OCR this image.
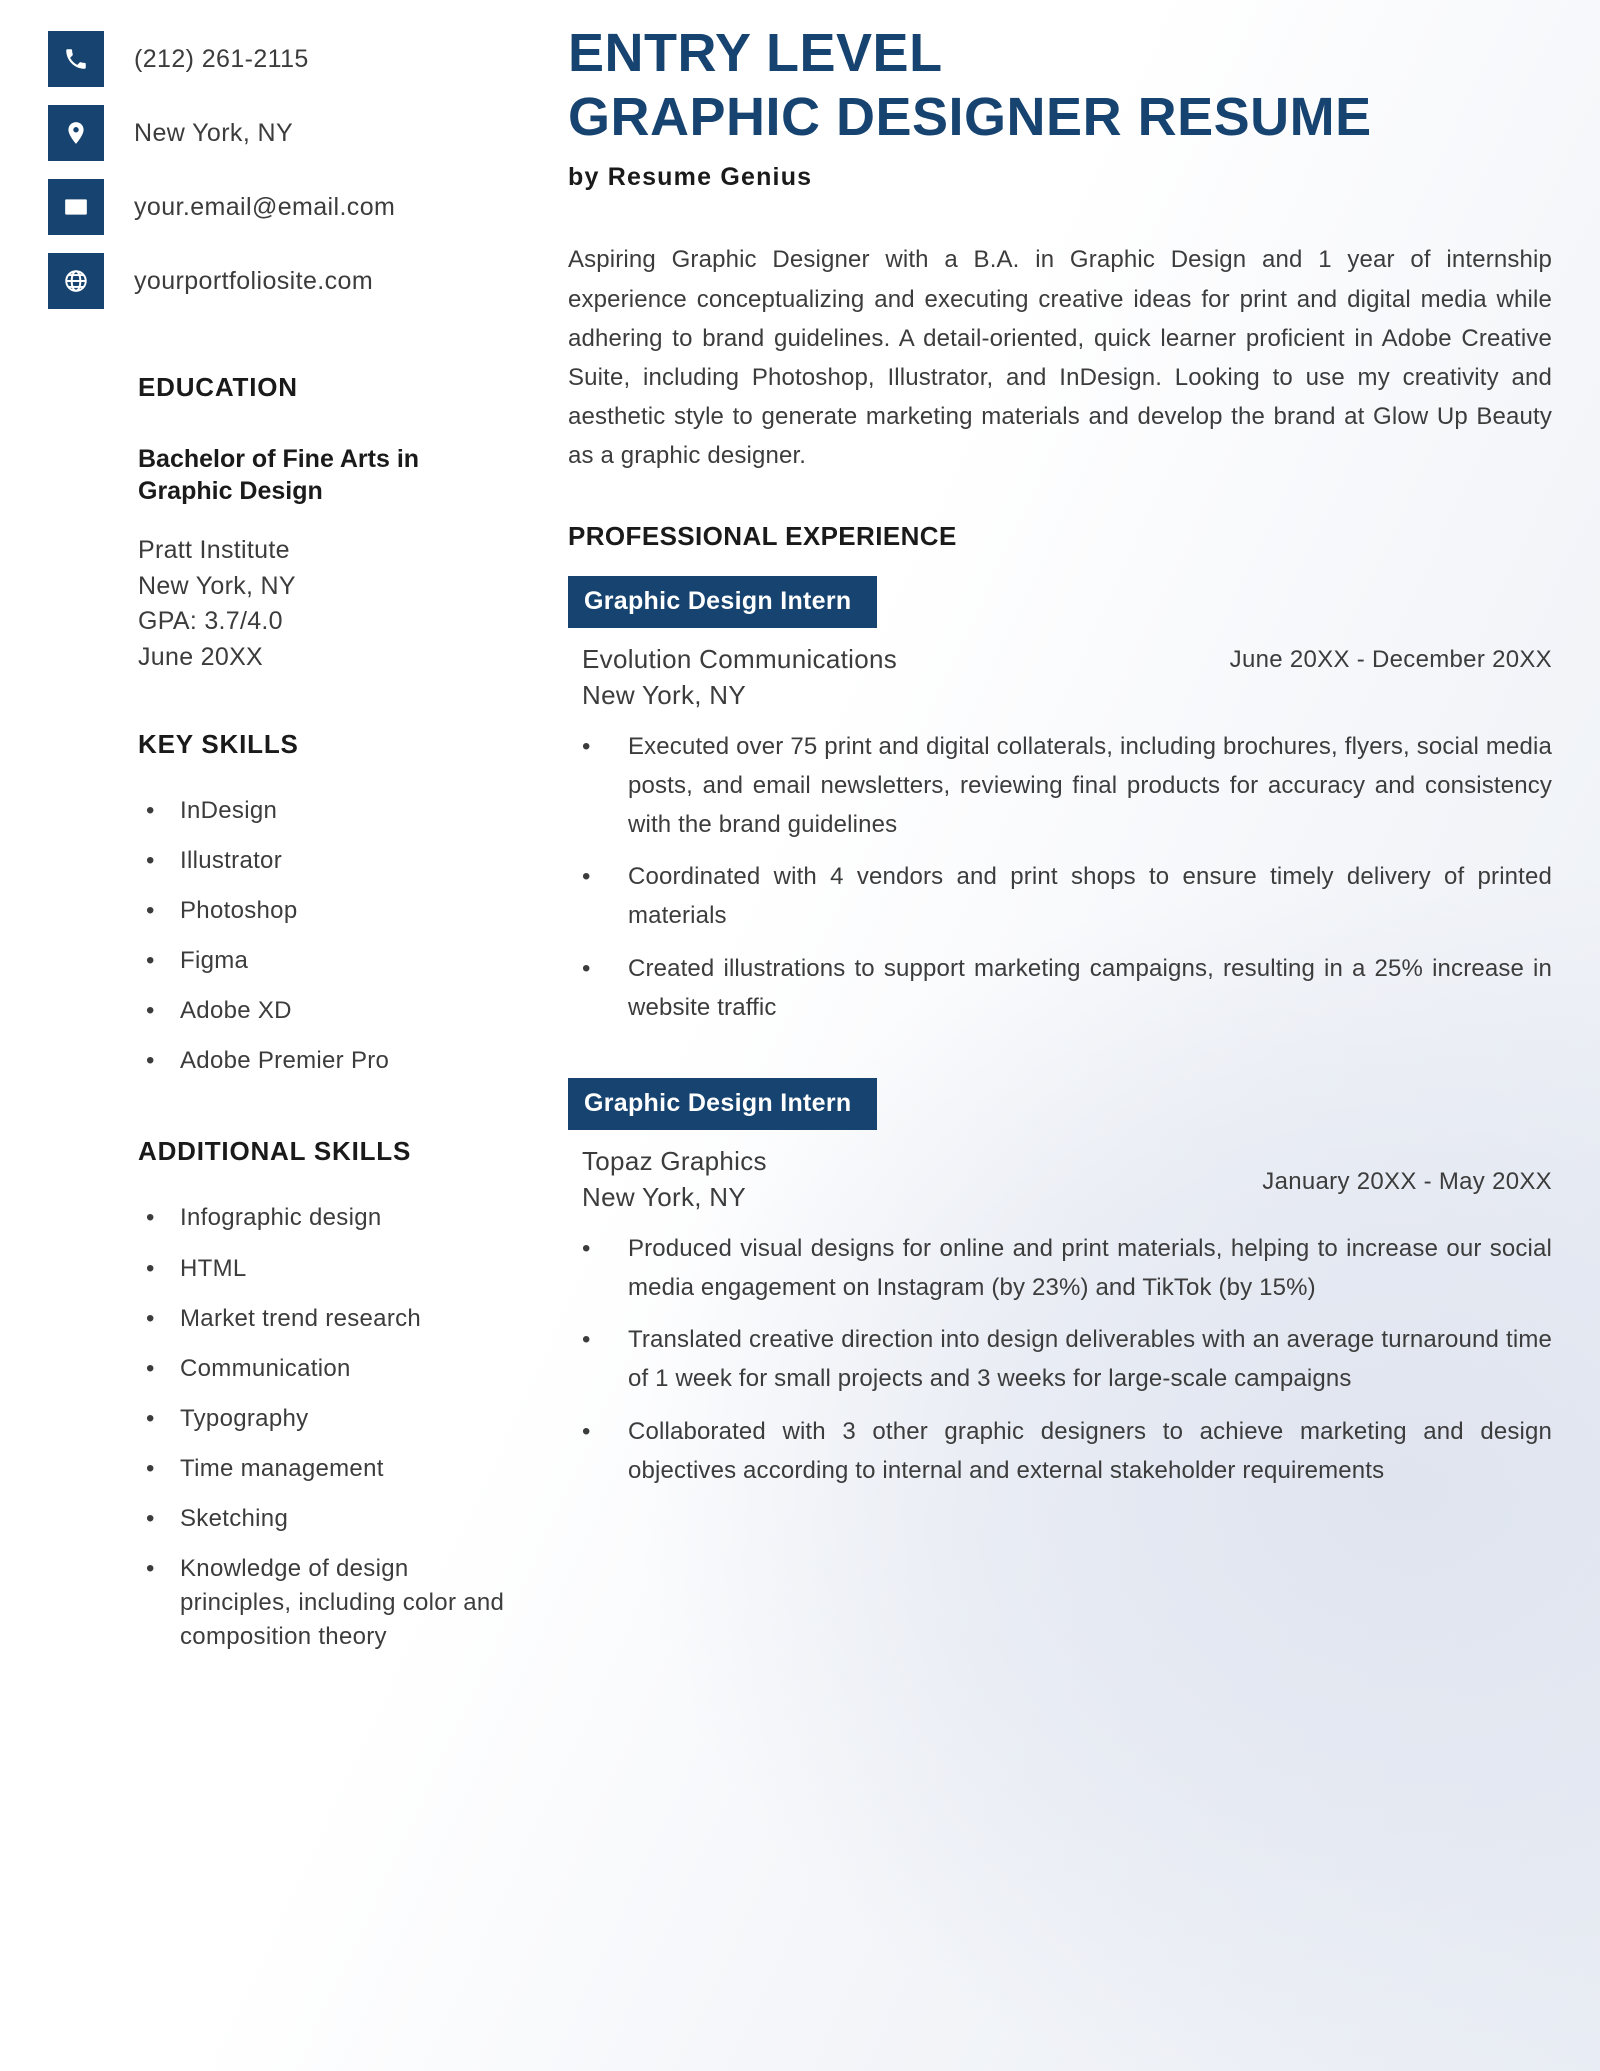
(212) 261-2115
New York, NY
your.email@email.com
yourportfoliosite.com
EDUCATION

Bachelor of Fine Arts in Graphic Design

Pratt Institute

New York, NY

GPA: 3.7/4.0

June 20XX

KEY SKILLS
•	InDesign
•	Illustrator
•	Photoshop
•	Figma
•	Adobe XD
•	Adobe Premier Pro
ADDITIONAL SKILLS
•	Infographic design
•	HTML
•	Market trend research
•	Communication
•	Typography
•	Time management
•	Sketching
•	Knowledge of design principles, including color and composition theory
ENTRY LEVEL
GRAPHIC DESIGNER RESUME

by Resume Genius

Aspiring Graphic Designer with a B.A. in Graphic Design and 1 year of internship experience conceptualizing and executing creative ideas for print and digital media while adhering to brand guidelines. A detail-oriented, quick learner proficient in Adobe Creative Suite, including Photoshop, Illustrator, and InDesign. Looking to use my creativity and aesthetic style to generate marketing materials and develop the brand at Glow Up Beauty as a graphic designer.

PROFESSIONAL EXPERIENCE
Graphic Design Intern
Evolution Communications
New York, NY
June 20XX - December 20XX
•	Executed over 75 print and digital collaterals, including brochures, flyers, social media posts, and email newsletters, reviewing final products for accuracy and consistency with the brand guidelines
•	Coordinated with 4 vendors and print shops to ensure timely delivery of printed materials
•	Created illustrations to support marketing campaigns, resulting in a 25% increase in website traffic
Graphic Design Intern
Topaz Graphics
New York, NY
January 20XX - May 20XX
•	Produced visual designs for online and print materials, helping to increase our social media engagement on Instagram (by 23%) and TikTok (by 15%)
•	Translated creative direction into design deliverables with an average turnaround time of 1 week for small projects and 3 weeks for large-scale campaigns
•	Collaborated with 3 other graphic designers to achieve marketing and design objectives according to internal and external stakeholder requirements
